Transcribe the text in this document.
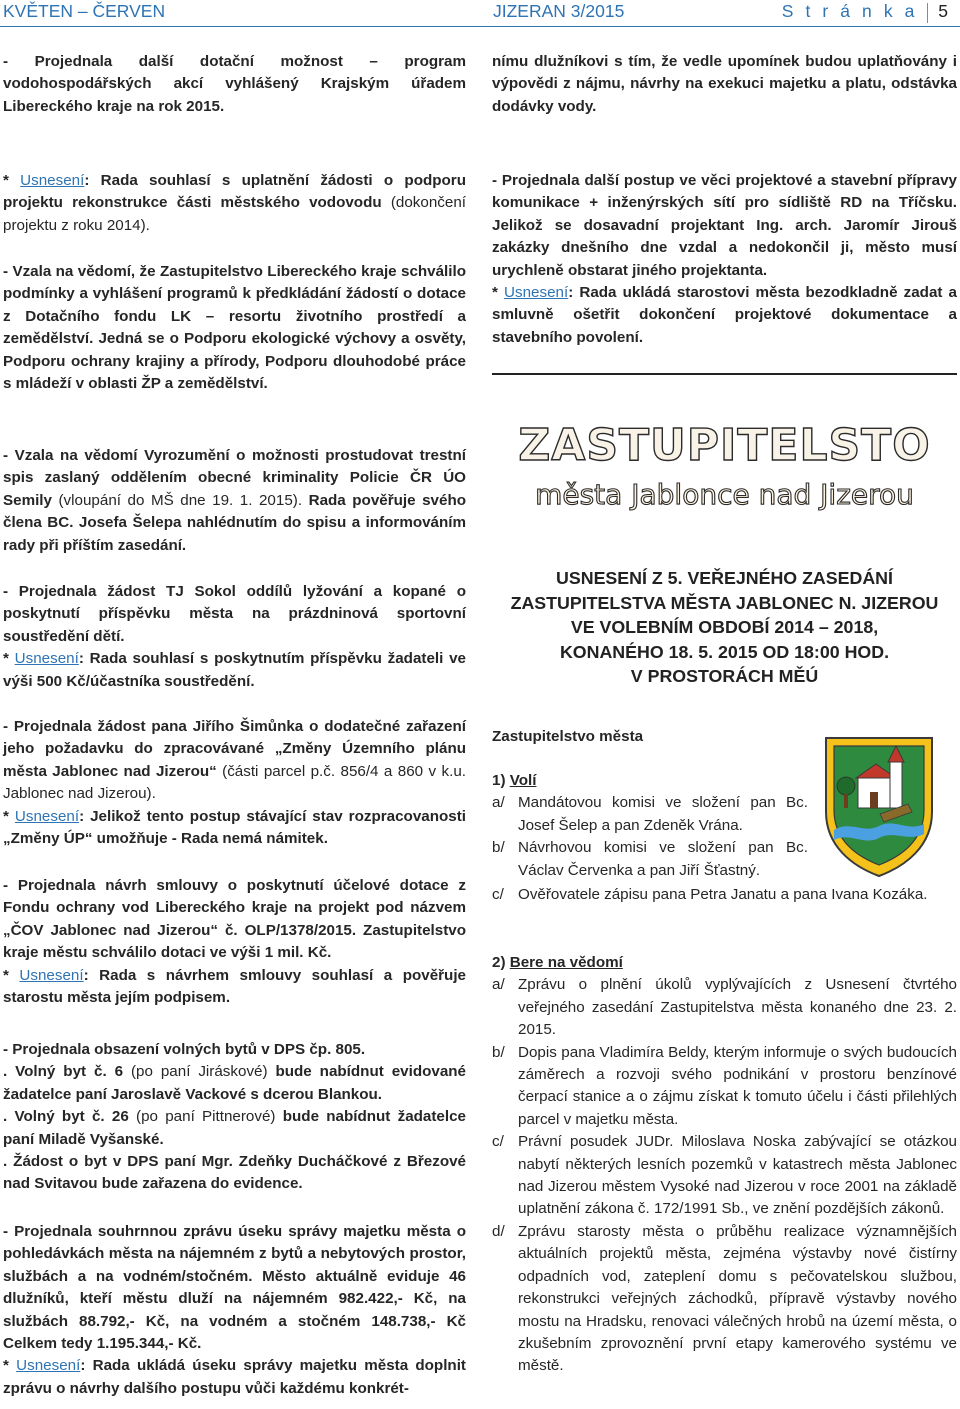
KVĚTEN – ČERVEN	JIZERAN 3/2015	S t r á n k a 5
- Projednala další dotační možnost – program vodohospodářských akcí vyhlášený Krajským úřadem Libereckého kraje na rok 2015.
* Usnesení: Rada souhlasí s uplatnění žádosti o podporu projektu rekonstrukce části městského vodovodu (dokončení projektu z roku 2014).
- Vzala na vědomí, že Zastupitelstvo Libereckého kraje schválilo podmínky a vyhlášení programů k předkládání žádostí o dotace z Dotačního fondu LK – resortu životního prostředí a zemědělství. Jedná se o Podporu ekologické výchovy a osvěty, Podporu ochrany krajiny a přírody, Podporu dlouhodobé práce s mládeží v oblasti ŽP a zemědělství.
- Vzala na vědomí Vyrozumění o možnosti prostudovat trestní spis zaslaný oddělením obecné kriminality Policie ČR ÚO Semily (vloupání do MŠ dne 19. 1. 2015). Rada pověřuje svého člena BC. Josefa Šelepa nahlédnutím do spisu a informováním rady při příštím zasedání.
- Projednala žádost TJ Sokol oddílů lyžování a kopané o poskytnutí příspěvku města na prázdninová sportovní soustředění dětí.
* Usnesení: Rada souhlasí s poskytnutím příspěvku žadateli ve výši 500 Kč/účastníka soustředění.
- Projednala žádost pana Jiřího Šimůnka o dodatečné zařazení jeho požadavku do zpracovávané „Změny Územního plánu města Jablonec nad Jizerou“ (části parcel p.č. 856/4 a 860 v k.u. Jablonec nad Jizerou).
* Usnesení: Jelikož tento postup stávající stav rozpracovanosti „Změny ÚP“ umožňuje - Rada nemá námitek.
- Projednala návrh smlouvy o poskytnutí účelové dotace z Fondu ochrany vod Libereckého kraje na projekt pod názvem „ČOV Jablonec nad Jizerou“ č. OLP/1378/2015. Zastupitelstvo kraje městu schválilo dotaci ve výši 1 mil. Kč.
* Usnesení: Rada s návrhem smlouvy souhlasí a pověřuje starostu města jejím podpisem.
- Projednala obsazení volných bytů v DPS čp. 805.
. Volný byt č. 6 (po paní Jiráskové) bude nabídnut evidované žadatelce paní Jaroslavě Vackové s dcerou Blankou.
. Volný byt č. 26 (po paní Pittnerové) bude nabídnut žadatelce paní Miladě Vyšanské.
. Žádost o byt v DPS paní Mgr. Zdeňky Ducháčkové z Březové nad Svitavou bude zařazena do evidence.
- Projednala souhrnnou zprávu úseku správy majetku města o pohledávkách města na nájemném z bytů a nebytových prostor, službách a na vodném/stočném. Město aktuálně eviduje 46 dlužníků, kteří městu dluží na nájemném 982.422,- Kč, na službách 88.792,- Kč, na vodném a stočném 148.738,- Kč Celkem tedy 1.195.344,- Kč.
* Usnesení: Rada ukládá úseku správy majetku města doplnit zprávu o návrhy dalšího postupu vůči každému konkrét-
nímu dlužníkovi s tím, že vedle upomínek budou uplatňovány i výpovědi z nájmu, návrhy na exekuci majetku a platu, odstávka dodávky vody.
- Projednala další postup ve věci projektové a stavební přípravy komunikace + inženýrských sítí pro sídliště RD na Tříčsku. Jelikož se dosavadní projektant Ing. arch. Jaromír Jirouš zakázky dnešního dne vzdal a nedokončil ji, město musí urychleně obstarat jiného projektanta.
* Usnesení: Rada ukládá starostovi města bezodkladně zadat a smluvně ošetřit dokončení projektové dokumentace a stavebního povolení.
ZASTUPITELSTO
města Jablonce nad Jizerou
USNESENÍ Z 5. VEŘEJNÉHO ZASEDÁNÍ
ZASTUPITELSTVA MĚSTA JABLONEC N. JIZEROU
VE VOLEBNÍM OBDOBÍ 2014 – 2018,
KONANÉHO 18. 5. 2015 OD 18:00 HOD.
V PROSTORÁCH MĚÚ
Zastupitelstvo města
1) Volí
a/ Mandátovou komisi ve složení pan Bc. Josef Šelep a pan Zdeněk Vrána.
b/ Návrhovou komisi ve složení pan Bc. Václav Červenka a pan Jiří Šťastný.
c/ Ověřovatele zápisu pana Petra Janatu a pana Ivana Kozáka.
2) Bere na vědomí
a/ Zprávu o plnění úkolů vyplývajících z Usnesení čtvrtého veřejného zasedání Zastupitelstva města konaného dne 23. 2. 2015.
b/ Dopis pana Vladimíra Beldy, kterým informuje o svých budoucích záměrech a rozvoji svého podnikání v prostoru benzínové čerpací stanice a o zájmu získat k tomuto účelu i části přilehlých parcel v majetku města.
c/ Právní posudek JUDr. Miloslava Noska zabývající se otázkou nabytí některých lesních pozemků v katastrech města Jablonec nad Jizerou městem Vysoké nad Jizerou v roce 2001 na základě uplatnění zákona č. 172/1991 Sb., ve znění pozdějších zákonů.
d/ Zprávu starosty města o průběhu realizace významnějších aktuálních projektů města, zejména výstavby nové čistírny odpadních vod, zateplení domu s pečovatelskou službou, rekonstrukci veřejných záchodků, přípravě výstavby nového mostu na Hradsku, renovaci válečných hrobů na území města, o zkušebním zprovoznění první etapy kamerového systému ve městě.
